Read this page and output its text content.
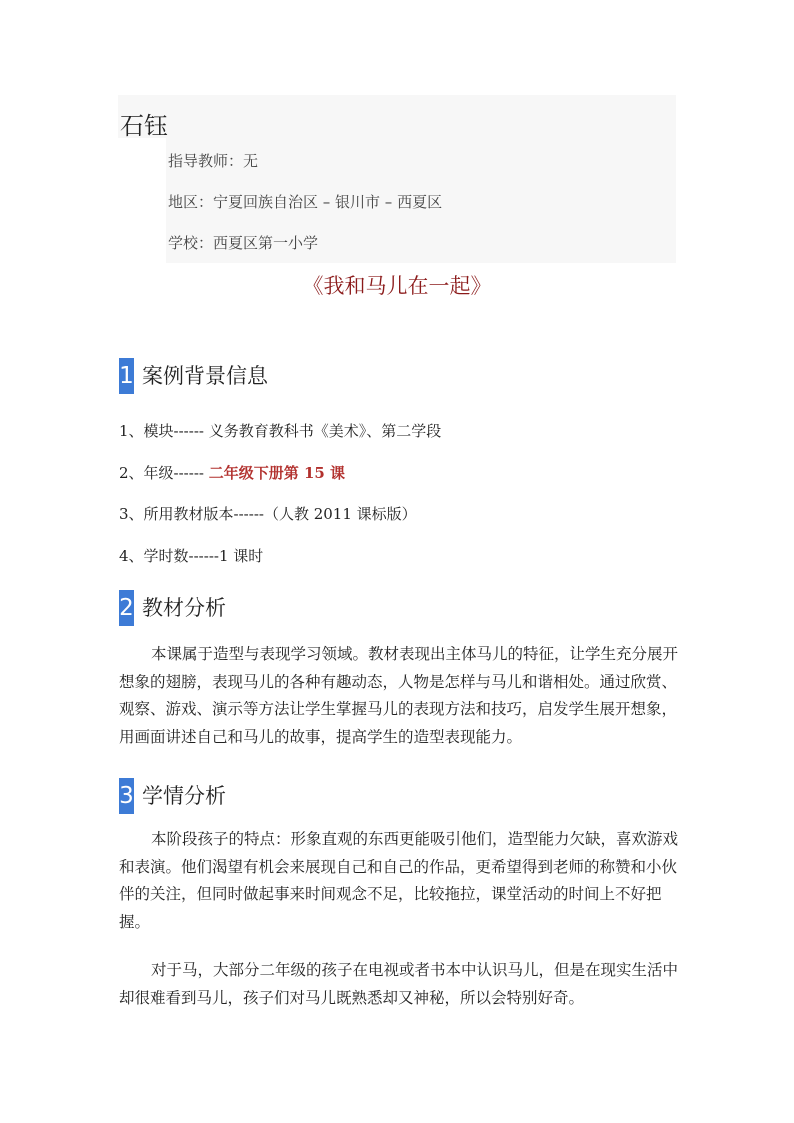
石钰
指导教师：无
地区：宁夏回族自治区 – 银川市 – 西夏区
学校：西夏区第一小学
《我和马儿在一起》
1 案例背景信息
1、模块------ 义务教育教科书《美术》、第二学段
2、年级------ 二年级下册第 15 课
3、所用教材版本------（人教 2011 课标版）
4、学时数------1 课时
2 教材分析
本课属于造型与表现学习领域。教材表现出主体马儿的特征，让学生充分展开想象的翅膀，表现马儿的各种有趣动态，人物是怎样与马儿和谐相处。通过欣赏、观察、游戏、演示等方法让学生掌握马儿的表现方法和技巧，启发学生展开想象，用画面讲述自己和马儿的故事，提高学生的造型表现能力。
3 学情分析
本阶段孩子的特点：形象直观的东西更能吸引他们，造型能力欠缺，喜欢游戏和表演。他们渴望有机会来展现自己和自己的作品，更希望得到老师的称赞和小伙伴的关注，但同时做起事来时间观念不足，比较拖拉，课堂活动的时间上不好把握。
对于马，大部分二年级的孩子在电视或者书本中认识马儿，但是在现实生活中却很难看到马儿，孩子们对马儿既熟悉却又神秘，所以会特别好奇。
